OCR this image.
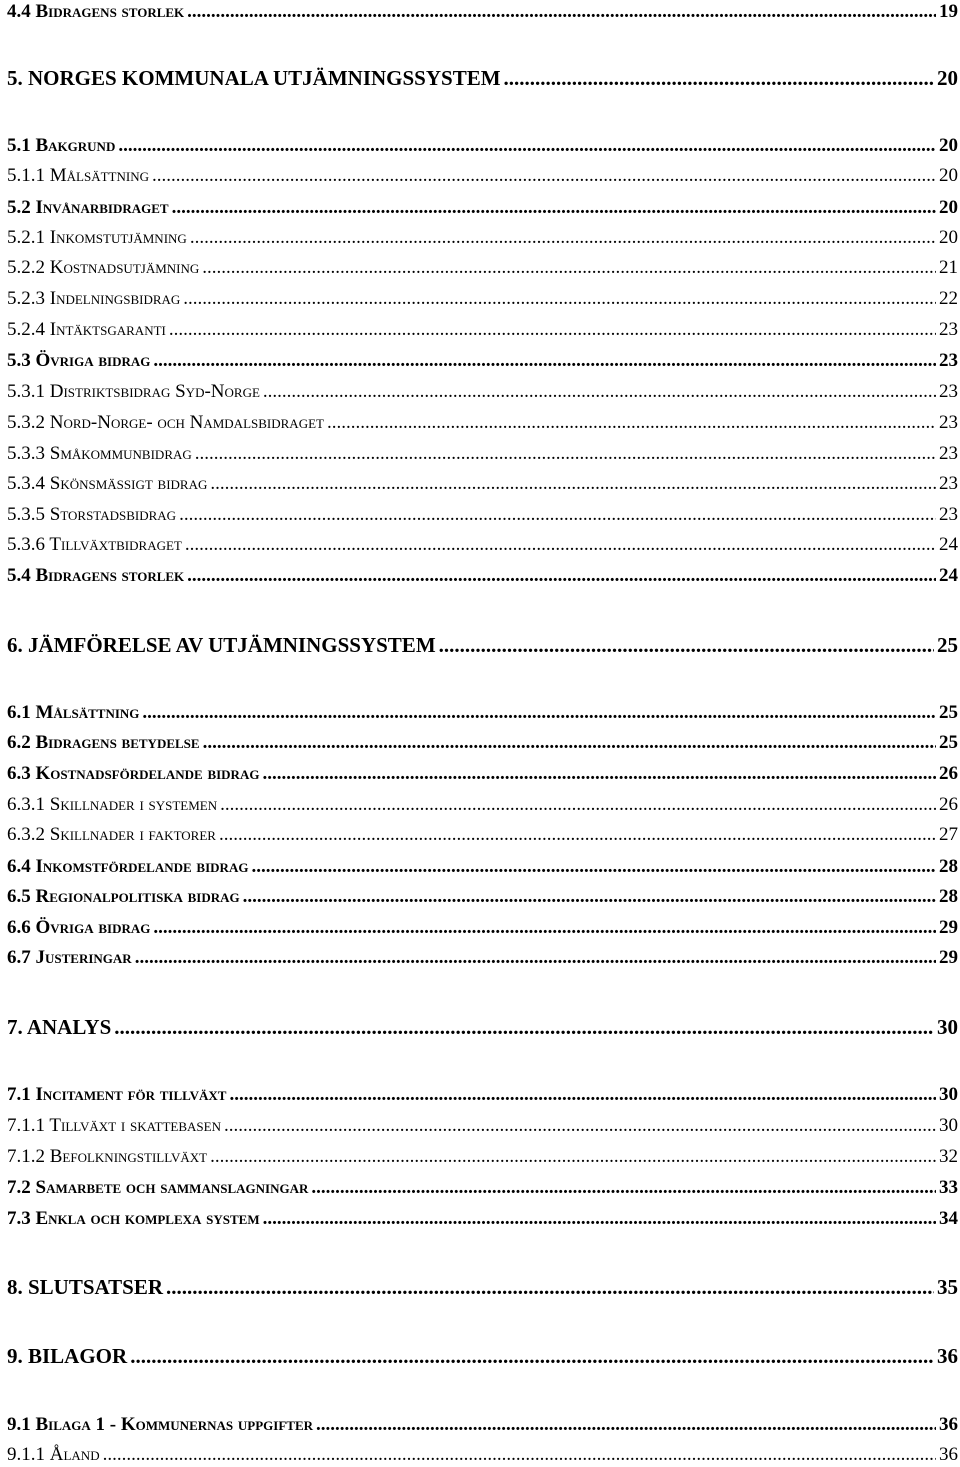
4.4 Bidragens storlek .....	19
5. NORGES KOMMUNALA UTJÄMNINGSSYSTEM .....	20
5.1 Bakgrund .....	20
5.1.1 Målsättning .....	20
5.2 Invånarbidraget .....	20
5.2.1 Inkomstutjämning .....	20
5.2.2 Kostnadsutjämning .....	21
5.2.3 Indelningsbidrag .....	22
5.2.4 Intäktsgaranti .....	23
5.3 Övriga bidrag .....	23
5.3.1 Distriktsbidrag Syd-Norge .....	23
5.3.2 Nord-Norge- och Namdalsbidraget .....	23
5.3.3 Småkommunbidrag .....	23
5.3.4 Skönsmässigt bidrag .....	23
5.3.5 Storstadsbidrag .....	23
5.3.6 Tillväxtbidraget .....	24
5.4 Bidragens storlek .....	24
6. JÄMFÖRELSE AV UTJÄMNINGSSYSTEM .....	25
6.1 Målsättning .....	25
6.2 Bidragens betydelse .....	25
6.3 Kostnadsfördelande bidrag .....	26
6.3.1 Skillnader i systemen .....	26
6.3.2 Skillnader i faktorer .....	27
6.4 Inkomstfördelande bidrag .....	28
6.5 Regionalpolitiska bidrag .....	28
6.6 Övriga bidrag .....	29
6.7 Justeringar .....	29
7. ANALYS .....	30
7.1 Incitament för tillväxt .....	30
7.1.1 Tillväxt i skattebasen .....	30
7.1.2 Befolkningstillväxt .....	32
7.2 Samarbete och sammanslagningar .....	33
7.3 Enkla och komplexa system .....	34
8. SLUTSATSER .....	35
9. BILAGOR .....	36
9.1 Bilaga 1 - Kommunernas uppgifter .....	36
9.1.1 Åland .....	36
